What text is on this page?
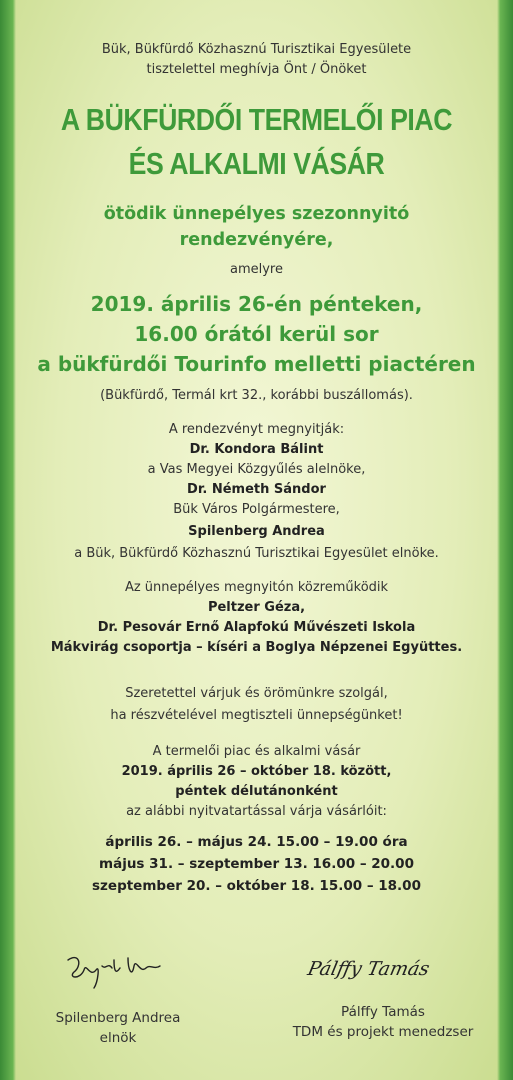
Bük, Bükfürdő Közhasznú Turisztikai Egyesülete
tisztelettel meghívja Önt / Önöket
A BÜKFÜRDŐI TERMELŐI PIAC
ÉS ALKALMI VÁSÁR
ötödik ünnepélyes szezonnyitó
rendezvényére,
amelyre
2019. április 26-én pénteken,
16.00 órától kerül sor
a bükfürdői Tourinfo melletti piactéren
(Bükfürdő, Termál krt 32., korábbi buszállomás).
A rendezvényt megnyitják:
Dr. Kondora Bálint
a Vas Megyei Közgyűlés alelnöke,
Dr. Németh Sándor
Bük Város Polgármestere,
Spilenberg Andrea
a Bük, Bükfürdő Közhasznú Turisztikai Egyesület elnöke.
Az ünnepélyes megnyitón közreműködik
Peltzer Géza,
Dr. Pesovár Ernő Alapfokú Művészeti Iskola
Mákvirág csoportja – kíséri a Boglya Népzenei Együttes.
Szeretettel várjuk és örömünkre szolgál,
ha részvételével megtiszteli ünnepségünket!
A termelői piac és alkalmi vásár
2019. április 26 – október 18. között,
péntek délutánonként
az alábbi nyitvatartással várja vásárlóit:
április 26. – május 24. 15.00 – 19.00 óra
május 31. – szeptember 13. 16.00 – 20.00
szeptember 20. – október 18. 15.00 – 18.00
Pálffy Tamás
Spilenberg Andrea
elnök
Pálffy Tamás
TDM és projekt menedzser
